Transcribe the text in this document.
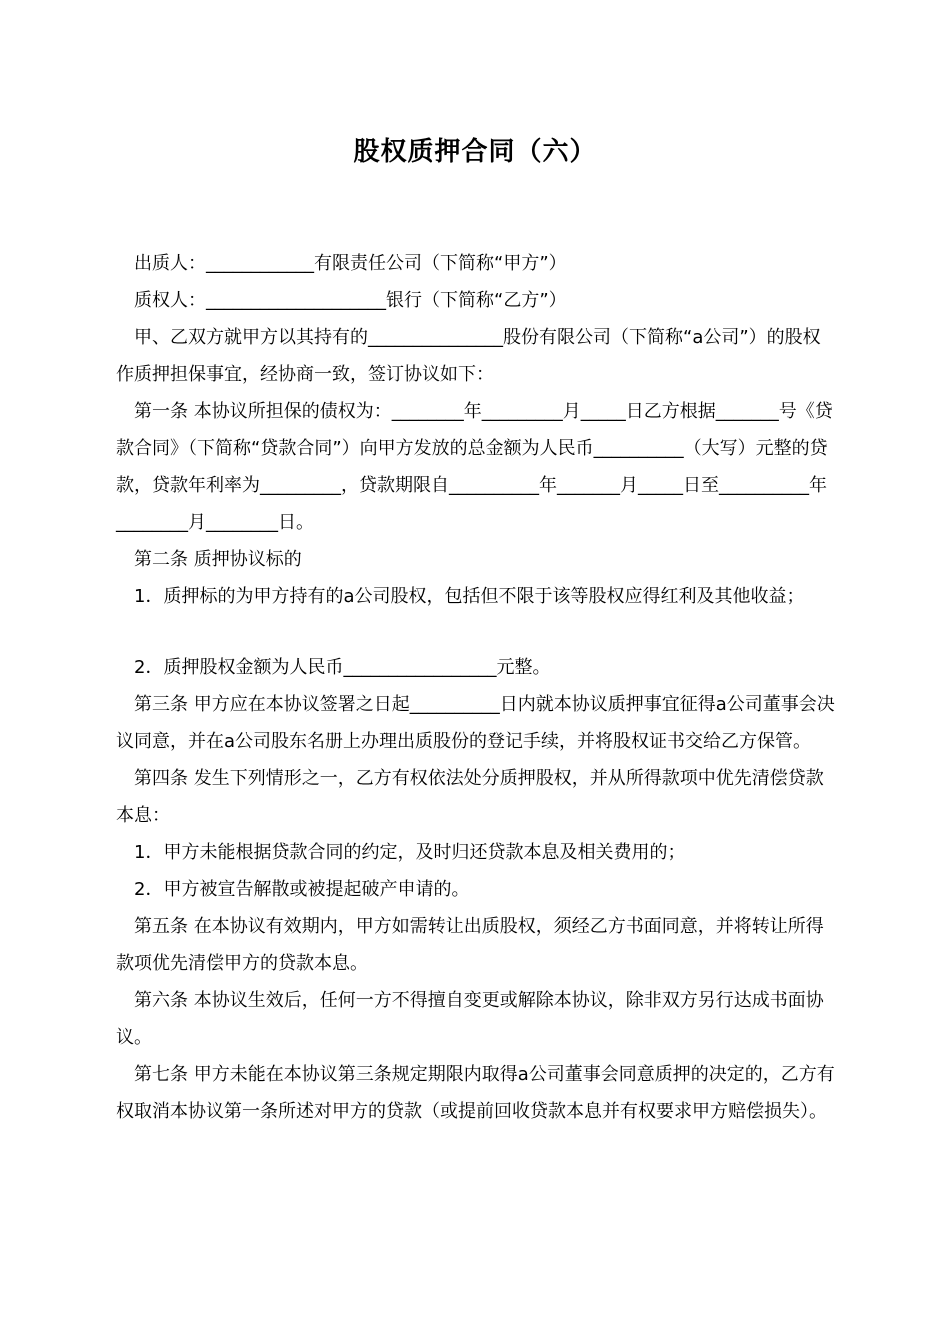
股权质押合同（六）

出质人：____________有限责任公司（下简称“甲方”）

质权人：____________________银行（下简称“乙方”）

甲、乙双方就甲方以其持有的_______________股份有限公司（下简称“a公司”）的股权作质押担保事宜，经协商一致，签订协议如下：

第一条 本协议所担保的债权为：________年_________月_____日乙方根据_______号《贷款合同》（下简称“贷款合同”）向甲方发放的总金额为人民币__________（大写）元整的贷款，贷款年利率为_________，贷款期限自__________年_______月_____日至__________年________月________日。

第二条 质押协议标的

1．质押标的为甲方持有的a公司股权，包括但不限于该等股权应得红利及其他收益；

2．质押股权金额为人民币_________________元整。

第三条 甲方应在本协议签署之日起__________日内就本协议质押事宜征得a公司董事会决议同意，并在a公司股东名册上办理出质股份的登记手续，并将股权证书交给乙方保管。

第四条 发生下列情形之一，乙方有权依法处分质押股权，并从所得款项中优先清偿贷款本息：

1．甲方未能根据贷款合同的约定，及时归还贷款本息及相关费用的；

2．甲方被宣告解散或被提起破产申请的。

第五条 在本协议有效期内，甲方如需转让出质股权，须经乙方书面同意，并将转让所得款项优先清偿甲方的贷款本息。

第六条 本协议生效后，任何一方不得擅自变更或解除本协议，除非双方另行达成书面协议。

第七条 甲方未能在本协议第三条规定期限内取得a公司董事会同意质押的决定的，乙方有权取消本协议第一条所述对甲方的贷款（或提前回收贷款本息并有权要求甲方赔偿损失）。
